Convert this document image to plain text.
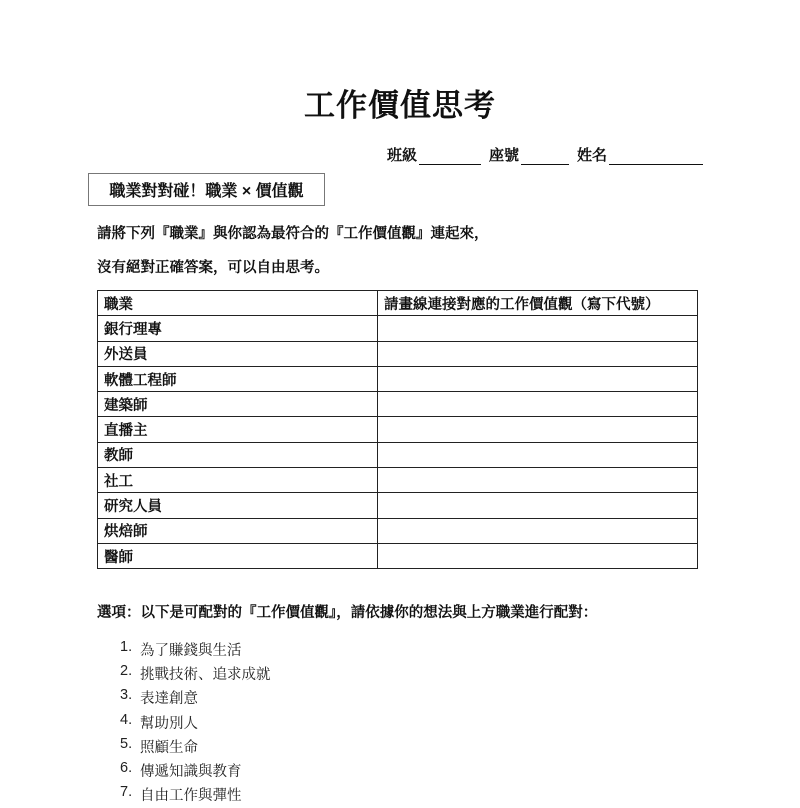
工作價值思考
班級	座號	姓名
職業對對碰！職業 × 價值觀
請將下列『職業』與你認為最符合的『工作價值觀』連起來，
沒有絕對正確答案，可以自由思考。
職業	請畫線連接對應的工作價值觀（寫下代號）
銀行理專	
外送員	
軟體工程師	
建築師	
直播主	
教師	
社工	
研究人員	
烘焙師	
醫師	
選項：以下是可配對的『工作價值觀』，請依據你的想法與上方職業進行配對：
1. 為了賺錢與生活
2. 挑戰技術、追求成就
3. 表達創意
4. 幫助別人
5. 照顧生命
6. 傳遞知識與教育
7. 自由工作與彈性
